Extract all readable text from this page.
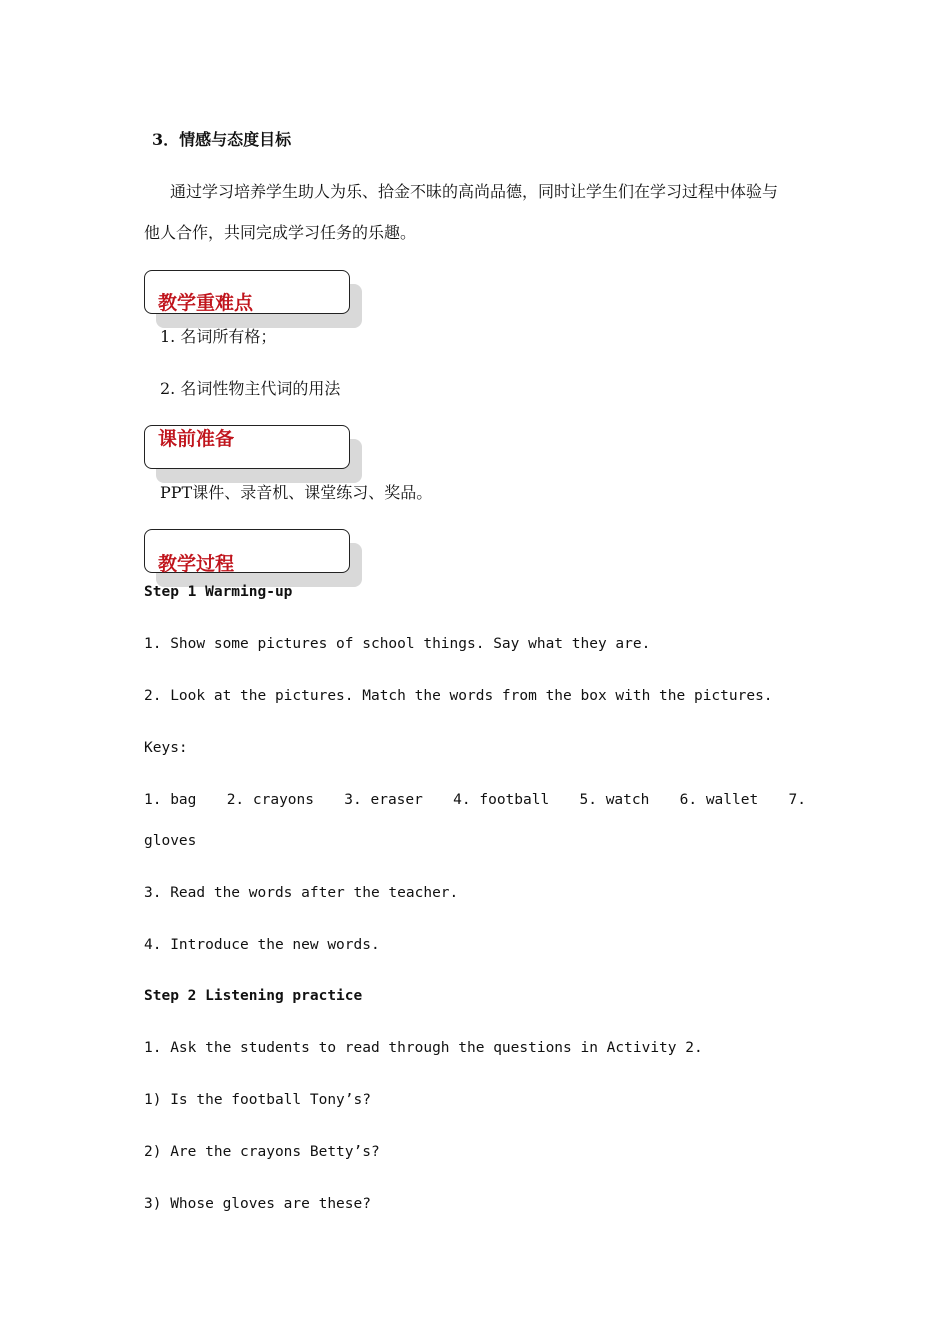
3．情感与态度目标
通过学习培养学生助人为乐、拾金不昧的高尚品德，同时让学生们在学习过程中体验与
他人合作，共同完成学习任务的乐趣。
教学重难点
1. 名词所有格；
2. 名词性物主代词的用法
课前准备
PPT课件、录音机、课堂练习、奖品。
教学过程
Step 1 Warming-up
1. Show some pictures of school things. Say what they are.
2. Look at the pictures. Match the words from the box with the pictures.
Keys:
1. bag 2. crayons 3. eraser 4. football 5. watch 6. wallet 7.
gloves
3. Read the words after the teacher.
4. Introduce the new words.
Step 2 Listening practice
1. Ask the students to read through the questions in Activity 2.
1) Is the football Tony’s?
2) Are the crayons Betty’s?
3) Whose gloves are these?
